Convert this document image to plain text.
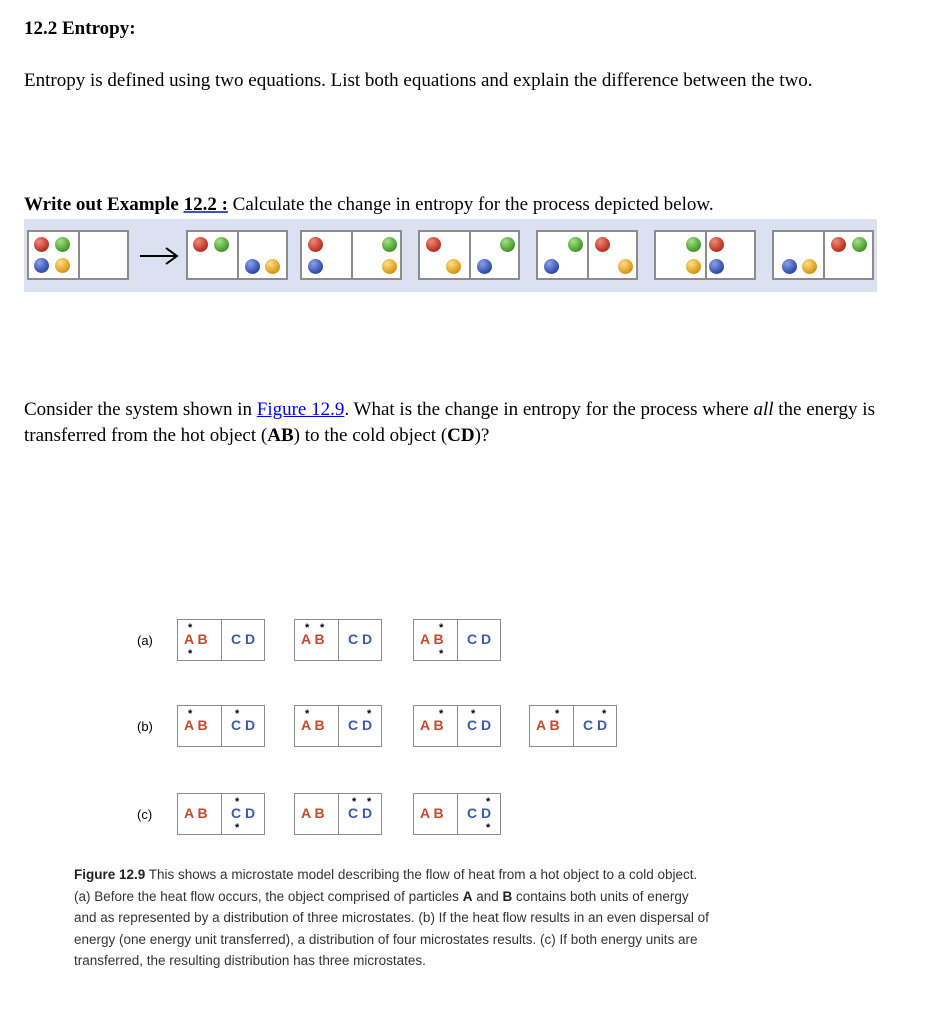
12.2 Entropy:

Entropy is defined using two equations. List both equations and explain the difference between the two.

Write out Example 12.2 : Calculate the change in entropy for the process depicted below.

Consider the system shown in Figure 12.9. What is the change in entropy for the process where all the energy is transferred from the hot object (AB) to the cold object (CD)?

(a)
(b)
(c)
A B C D
*
*
A B C D
* *
A B C D
*
*
A B C D
*	*
A B C D
*	*
A B C D
*	*
A B C D
*	*
A B C D
*
*
A B C D
* *
A B C D
*
*

Figure 12.9 This shows a microstate model describing the flow of heat from a hot object to a cold object. (a) Before the heat flow occurs, the object comprised of particles A and B contains both units of energy and as represented by a distribution of three microstates. (b) If the heat flow results in an even dispersal of energy (one energy unit transferred), a distribution of four microstates results. (c) If both energy units are transferred, the resulting distribution has three microstates.
